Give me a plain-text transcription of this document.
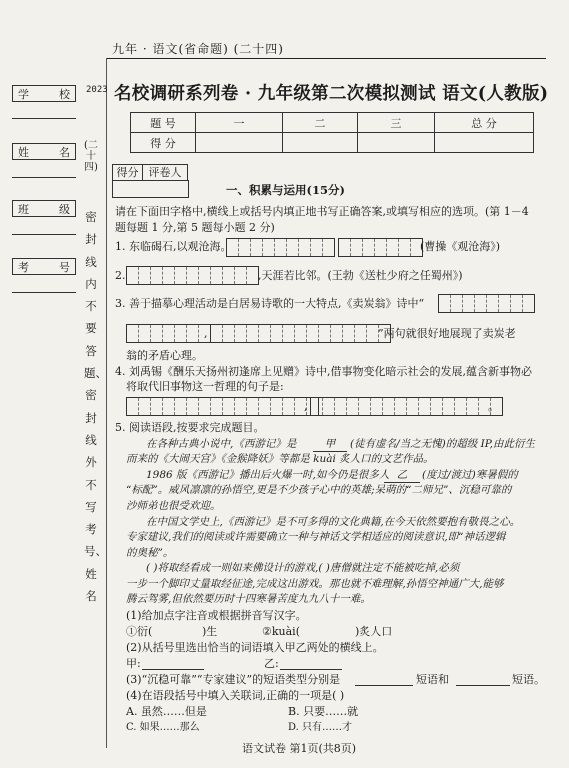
九年 · 语文(省命题) (二十四)
学	校
姓	名
班	级
考	号
2023
(二十四)
密封线内不要答题、密封线外不写考号、姓名
名校调研系列卷 · 九年级第二次模拟测试 语文(人教版)
题 号	一	二	三	总 分
得 分				
得分 评卷人
一、积累与运用(15分)
请在下面田字格中,横线上或括号内填正地书写正确答案,或填写相应的选项。(第 1－4
题每题 1 分,第 5 题每小题 2 分)
1. 东临碣石,以观沧海。	(曹操《观沧海》)
2.	,天涯若比邻。(王勃《送杜少府之任蜀州》)
3. 善于描摹心理活动是白居易诗歌的一大特点,《卖炭翁》诗中“
,	”两句就很好地展现了卖炭老
翁的矛盾心理。
4. 刘禹锡《酬乐天扬州初逢席上见赠》诗中,借事物变化暗示社会的发展,蕴含新事物必
将取代旧事物这一哲理的句子是:
,	。
5. 阅读语段,按要求完成题目。
在各种古典小说中,《西游记》是	甲	(徒有虚名/当之无愧)的超级 IP,由此衍生
而来的《大闹天宫》《金猴降妖》等都是 kuài 炙人口的文艺作品。
1986 版《西游记》播出后火爆一时,如今仍是很多人 乙	(度过/渡过)寒暑假的
“标配”。威风凛凛的孙悟空,更是不少孩子心中的英雄;呆萌的“二师兄”、沉稳可靠的
沙师弟也很受欢迎。
在中国文学史上,《西游记》是不可多得的文化典籍,在今天依然要抱有敬畏之心。
专家建议,我们的阅读或许需要确立一种与神话文学相适应的阅读意识,即“神话逻辑
的奥秘”。
( )将取经看成一则如来佛设计的游戏,( )唐僧就注定不能被吃掉,必须
一步一个脚印丈量取经征途,完成这出游戏。那也就不难理解,孙悟空神通广大,能够
腾云驾雾,但依然要历时十四寒暑苦度九九八十一难。
(1)给加点字注音或根据拼音写汉字。
①衍(	)生	②kuài(	)炙人口
(2)从括号里选出恰当的词语填入甲乙两处的横线上。
甲:	乙:
(3)“沉稳可靠”“专家建议”的短语类型分别是	短语和	短语。
(4)在语段括号中填入关联词,正确的一项是( )
A. 虽然……但是	B. 只要……就
C. 如果……那么	D. 只有……才
语文试卷 第1页(共8页)
